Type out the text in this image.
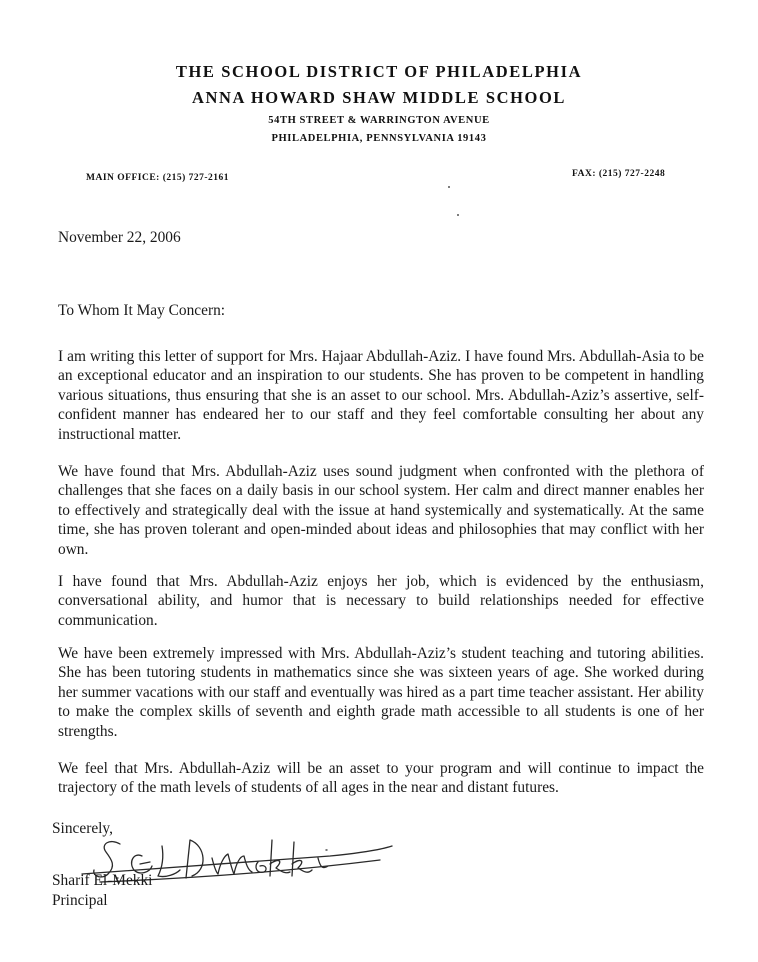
THE SCHOOL DISTRICT OF PHILADELPHIA
ANNA HOWARD SHAW MIDDLE SCHOOL
54TH STREET & WARRINGTON AVENUE
PHILADELPHIA, PENNSYLVANIA 19143
MAIN OFFICE: (215) 727-2161	FAX: (215) 727-2248
November 22, 2006
To Whom It May Concern:

I am writing this letter of support for Mrs. Hajaar Abdullah-Aziz. I have found Mrs. Abdullah-Asia to be an exceptional educator and an inspiration to our students. She has proven to be competent in handling various situations, thus ensuring that she is an asset to our school. Mrs. Abdullah-Aziz’s assertive, self-confident manner has endeared her to our staff and they feel comfortable consulting her about any instructional matter.

We have found that Mrs. Abdullah-Aziz uses sound judgment when confronted with the plethora of challenges that she faces on a daily basis in our school system. Her calm and direct manner enables her to effectively and strategically deal with the issue at hand systemically and systematically. At the same time, she has proven tolerant and open-minded about ideas and philosophies that may conflict with her own.

I have found that Mrs. Abdullah-Aziz enjoys her job, which is evidenced by the enthusiasm, conversational ability, and humor that is necessary to build relationships needed for effective communication.

We have been extremely impressed with Mrs. Abdullah-Aziz’s student teaching and tutoring abilities. She has been tutoring students in mathematics since she was sixteen years of age. She worked during her summer vacations with our staff and eventually was hired as a part time teacher assistant. Her ability to make the complex skills of seventh and eighth grade math accessible to all students is one of her strengths.

We feel that Mrs. Abdullah-Aziz will be an asset to your program and will continue to impact the trajectory of the math levels of students of all ages in the near and distant futures.

Sincerely,
Sharif El-Mekki
Principal
